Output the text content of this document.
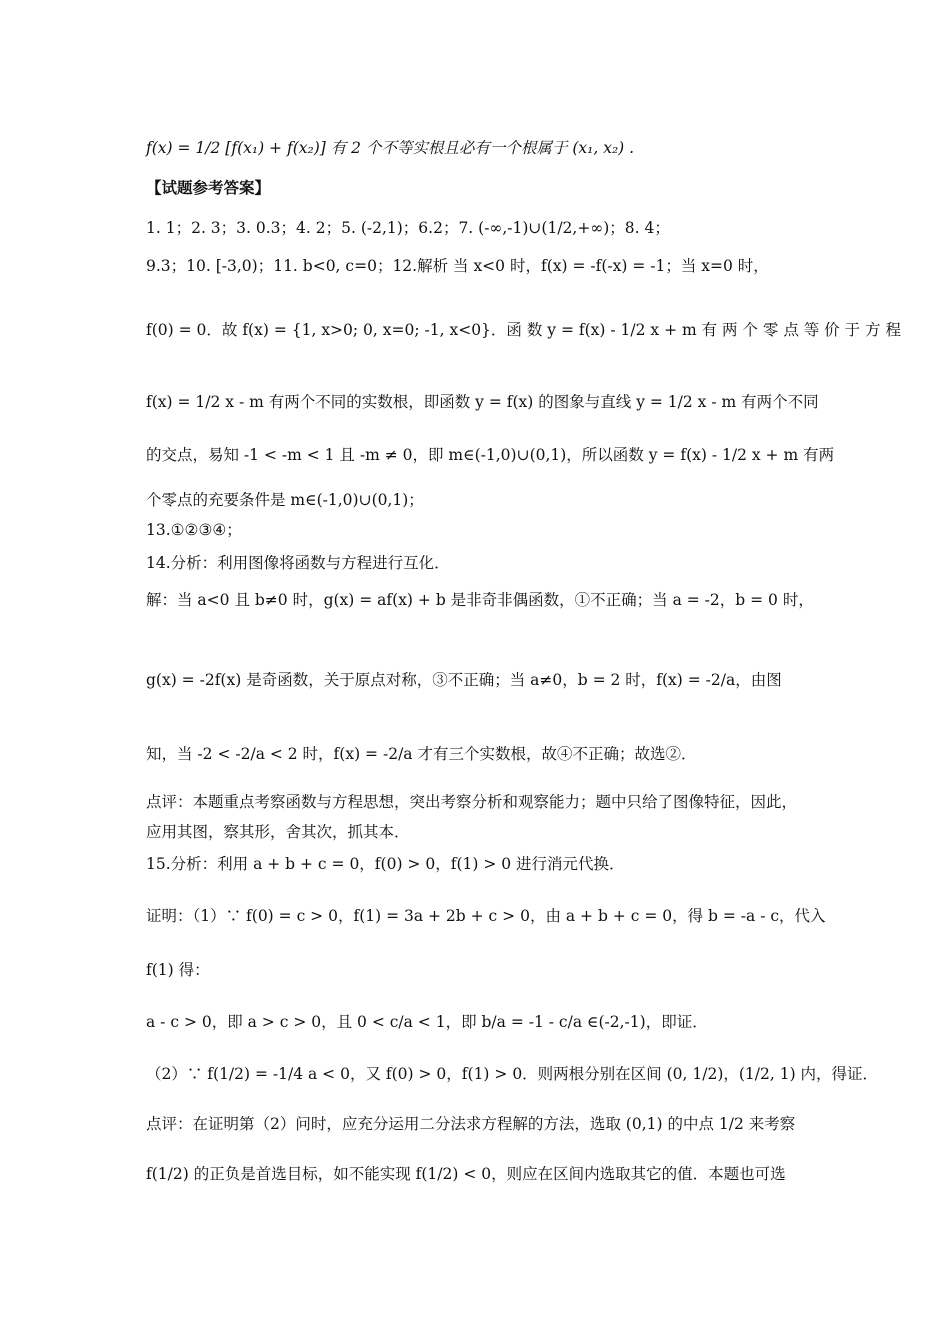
f(x) = 1/2 [f(x₁) + f(x₂)] 有 2 个不等实根且必有一个根属于 (x₁, x₂) .
【试题参考答案】
1. 1；2. 3；3. 0.3；4. 2；5. (-2,1)；6.2；7. (-∞,-1)∪(1/2,+∞)；8. 4；
9.3；10. [-3,0)；11. b<0, c=0；12.解析 当 x<0 时，f(x) = -f(-x) = -1；当 x=0 时，
f(0) = 0．故 f(x) = {1, x>0; 0, x=0; -1, x<0}．函 数 y = f(x) - 1/2 x + m 有 两 个 零 点 等 价 于 方 程
f(x) = 1/2 x - m 有两个不同的实数根，即函数 y = f(x) 的图象与直线 y = 1/2 x - m 有两个不同
的交点，易知 -1 < -m < 1 且 -m ≠ 0，即 m∈(-1,0)∪(0,1)，所以函数 y = f(x) - 1/2 x + m 有两
个零点的充要条件是 m∈(-1,0)∪(0,1)；
13.①②③④；
14.分析：利用图像将函数与方程进行互化．
解：当 a<0 且 b≠0 时，g(x) = af(x) + b 是非奇非偶函数，①不正确；当 a = -2，b = 0 时，
g(x) = -2f(x) 是奇函数，关于原点对称，③不正确；当 a≠0，b = 2 时，f(x) = -2/a，由图
知，当 -2 < -2/a < 2 时，f(x) = -2/a 才有三个实数根，故④不正确；故选②．
点评：本题重点考察函数与方程思想，突出考察分析和观察能力；题中只给了图像特征，因此，
应用其图，察其形，舍其次，抓其本．
15.分析：利用 a + b + c = 0，f(0) > 0，f(1) > 0 进行消元代换．
证明：（1）∵ f(0) = c > 0，f(1) = 3a + 2b + c > 0，由 a + b + c = 0，得 b = -a - c，代入
f(1) 得：
a - c > 0，即 a > c > 0，且 0 < c/a < 1，即 b/a = -1 - c/a ∈(-2,-1)，即证．
（2）∵ f(1/2) = -1/4 a < 0，又 f(0) > 0，f(1) > 0．则两根分别在区间 (0, 1/2)，(1/2, 1) 内，得证．
点评：在证明第（2）问时，应充分运用二分法求方程解的方法，选取 (0,1) 的中点 1/2 来考察
f(1/2) 的正负是首选目标，如不能实现 f(1/2) < 0，则应在区间内选取其它的值．本题也可选
